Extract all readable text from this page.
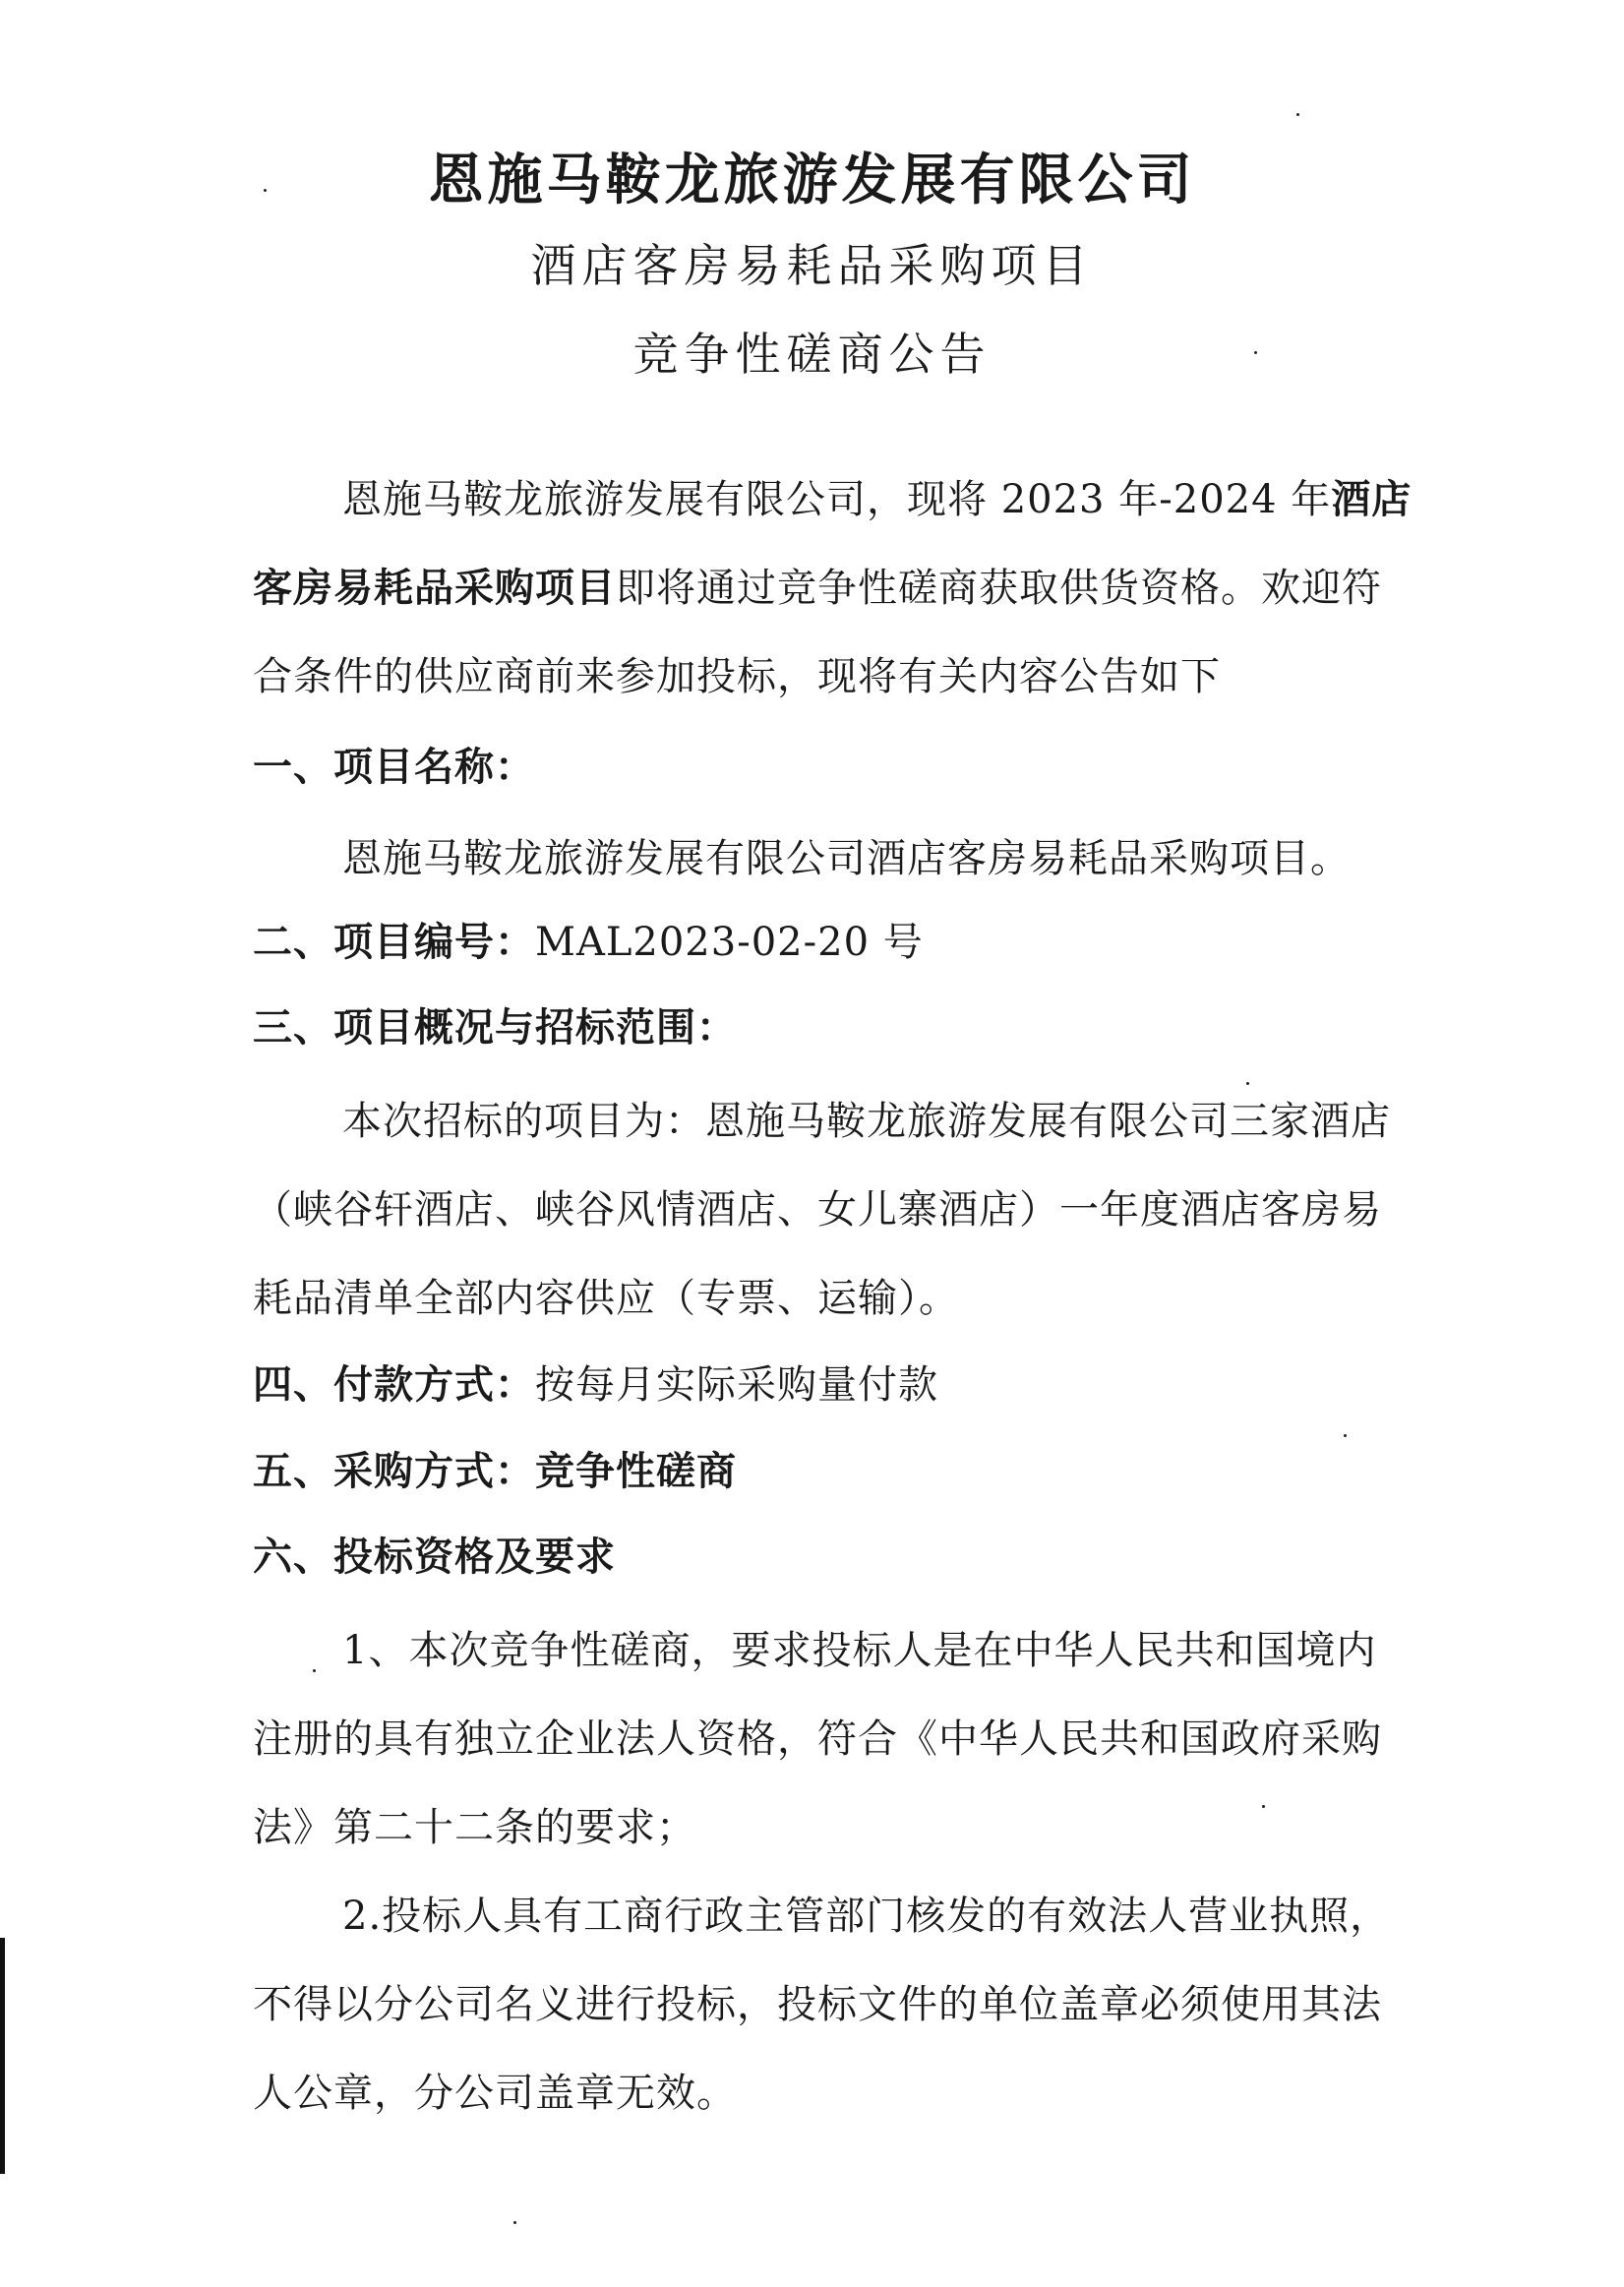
恩施马鞍龙旅游发展有限公司
酒店客房易耗品采购项目
竞争性磋商公告
恩施马鞍龙旅游发展有限公司，现将 2023 年-2024 年酒店
客房易耗品采购项目即将通过竞争性磋商获取供货资格。欢迎符
合条件的供应商前来参加投标，现将有关内容公告如下
一、项目名称：
恩施马鞍龙旅游发展有限公司酒店客房易耗品采购项目。
二、项目编号：MAL2023-02-20 号
三、项目概况与招标范围：
本次招标的项目为：恩施马鞍龙旅游发展有限公司三家酒店
（峡谷轩酒店、峡谷风情酒店、女儿寨酒店）一年度酒店客房易
耗品清单全部内容供应（专票、运输）。
四、付款方式：按每月实际采购量付款
五、采购方式：竞争性磋商
六、投标资格及要求
1、本次竞争性磋商，要求投标人是在中华人民共和国境内
注册的具有独立企业法人资格，符合《中华人民共和国政府采购
法》第二十二条的要求；
2.投标人具有工商行政主管部门核发的有效法人营业执照，
不得以分公司名义进行投标，投标文件的单位盖章必须使用其法
人公章，分公司盖章无效。
